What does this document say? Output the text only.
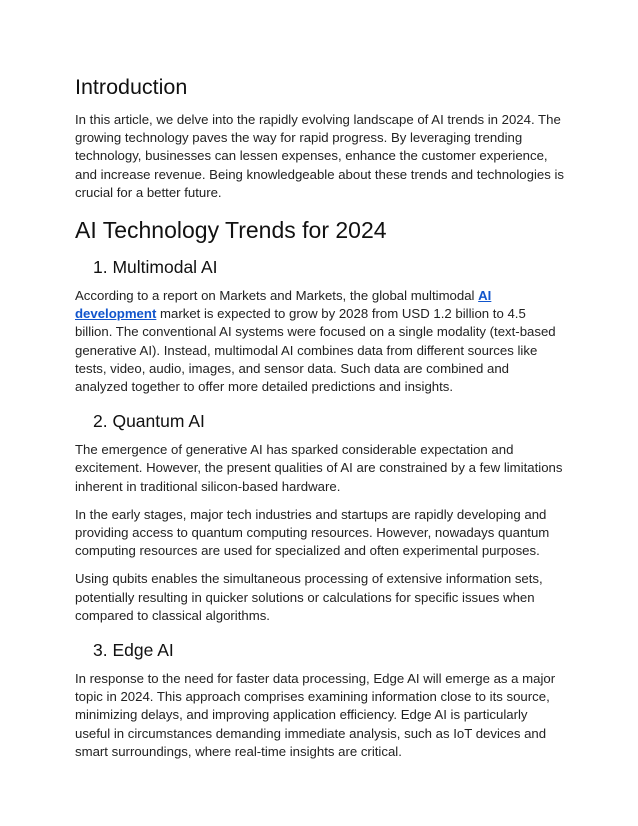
Introduction

In this article, we delve into the rapidly evolving landscape of AI trends in 2024. The growing technology paves the way for rapid progress. By leveraging trending technology, businesses can lessen expenses, enhance the customer experience, and increase revenue. Being knowledgeable about these trends and technologies is crucial for a better future.

AI Technology Trends for 2024
1. Multimodal AI

According to a report on Markets and Markets, the global multimodal AI development market is expected to grow by 2028 from USD 1.2 billion to 4.5 billion. The conventional AI systems were focused on a single modality (text-based generative AI). Instead, multimodal AI combines data from different sources like tests, video, audio, images, and sensor data. Such data are combined and analyzed together to offer more detailed predictions and insights.

2. Quantum AI

The emergence of generative AI has sparked considerable expectation and excitement. However, the present qualities of AI are constrained by a few limitations inherent in traditional silicon-based hardware.

In the early stages, major tech industries and startups are rapidly developing and providing access to quantum computing resources. However, nowadays quantum computing resources are used for specialized and often experimental purposes.

Using qubits enables the simultaneous processing of extensive information sets, potentially resulting in quicker solutions or calculations for specific issues when compared to classical algorithms.

3. Edge AI

In response to the need for faster data processing, Edge AI will emerge as a major topic in 2024. This approach comprises examining information close to its source, minimizing delays, and improving application efficiency. Edge AI is particularly useful in circumstances demanding immediate analysis, such as IoT devices and smart surroundings, where real-time insights are critical.
